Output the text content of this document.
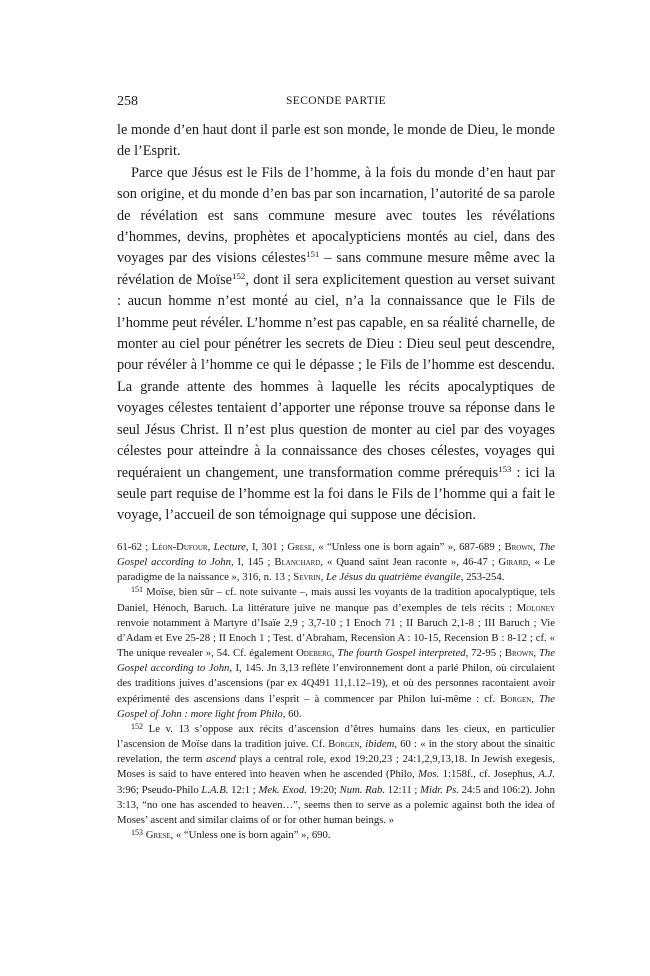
258	SECONDE PARTIE

le monde d’en haut dont il parle est son monde, le monde de Dieu, le monde de l’Esprit.

Parce que Jésus est le Fils de l’homme, à la fois du monde d’en haut par son origine, et du monde d’en bas par son incarnation, l’autorité de sa parole de révélation est sans commune mesure avec toutes les révélations d’hommes, devins, prophètes et apocalypticiens montés au ciel, dans des voyages par des visions célestes$^{151}$ – sans commune mesure même avec la révélation de Moïse$^{152}$, dont il sera explicitement question au verset suivant : aucun homme n’est monté au ciel, n’a la connaissance que le Fils de l’homme peut révéler. L’homme n’est pas capable, en sa réalité charnelle, de monter au ciel pour pénétrer les secrets de Dieu : Dieu seul peut descendre, pour révéler à l’homme ce qui le dépasse ; le Fils de l’homme est descendu. La grande attente des hommes à laquelle les récits apocalyptiques de voyages célestes tentaient d’apporter une réponse trouve sa réponse dans le seul Jésus Christ. Il n’est plus question de monter au ciel par des voyages célestes pour atteindre à la connaissance des choses célestes, voyages qui requéraient un changement, une transformation comme prérequis$^{153}$ : ici la seule part requise de l’homme est la foi dans le Fils de l’homme qui a fait le voyage, l’accueil de son témoignage qui suppose une décision.

61-62 ; Léon-Dufour, Lecture, I, 301 ; Grese, « “Unless one is born again” », 687-689 ; Brown, The Gospel according to John, I, 145 ; Blanchard, « Quand saint Jean raconte », 46-47 ; Girard, « Le paradigme de la naissance », 316, n. 13 ; Sevrin, Le Jésus du quatrième évangile, 253-254.

$^{151}$ Moïse, bien sûr – cf. note suivante –, mais aussi les voyants de la tradition apocalyptique, tels Daniel, Hénoch, Baruch. La littérature juive ne manque pas d’exemples de tels récits : Moloney renvoie notamment à Martyre d’Isaïe 2,9 ; 3,7-10 ; I Enoch 71 ; II Baruch 2,1-8 ; III Baruch ; Vie d’Adam et Eve 25-28 ; II Enoch 1 ; Test. d’Abraham, Recension A : 10-15, Recension B : 8-12 ; cf. « The unique revealer », 54. Cf. également Odeberg, The fourth Gospel interpreted, 72-95 ; Brown, The Gospel according to John, I, 145. Jn 3,13 reflète l’environnement dont a parlé Philon, où circulaient des traditions juives d’ascensions (par ex 4Q491 11,1.12–19), et où des personnes racontaient avoir expérimenté des ascensions dans l’esprit – à commencer par Philon lui-même : cf. Borgen, The Gospel of John : more light from Philo, 60.

$^{152}$ Le v. 13 s’oppose aux récits d’ascension d’êtres humains dans les cieux, en particulier l’ascension de Moïse dans la tradition juive. Cf. Borgen, ibidem, 60 : « in the story about the sinaitic revelation, the term ascend plays a central role, exod 19:20,23 ; 24:1,2,9,13,18. In Jewish exegesis, Moses is said to have entered into heaven when he ascended (Philo, Mos. 1:158f., cf. Josephus, A.J. 3:96; Pseudo-Philo L.A.B. 12:1 ; Mek. Exod. 19:20; Num. Rab. 12:11 ; Midr. Ps. 24:5 and 106:2). John 3:13, “no one has ascended to heaven…”, seems then to serve as a polemic against both the idea of Moses’ ascent and similar claims of or for other human beings. »

$^{153}$ Grese, « “Unless one is born again” », 690.
